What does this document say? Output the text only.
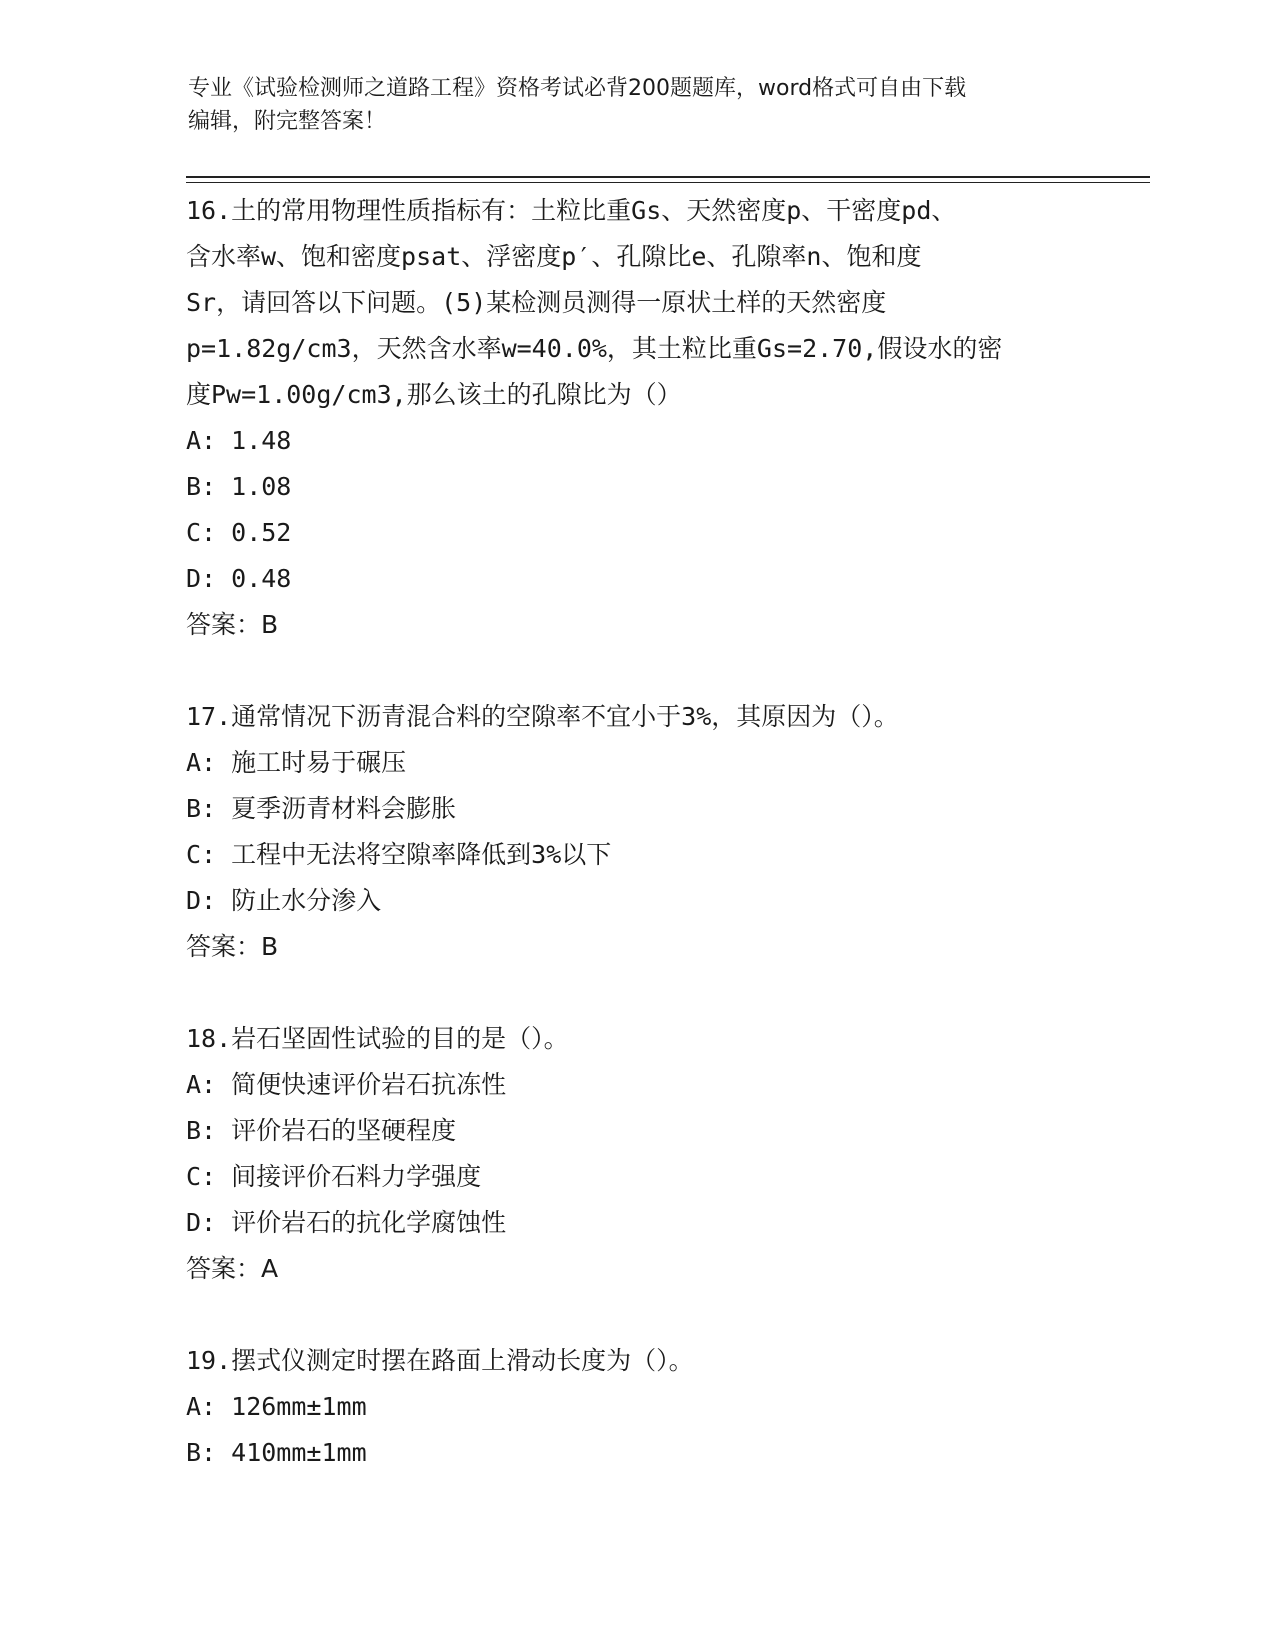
专业《试验检测师之道路工程》资格考试必背200题题库，word格式可自由下载
编辑，附完整答案！
16.土的常用物理性质指标有：土粒比重Gs、天然密度p、干密度pd、
含水率w、饱和密度psat、浮密度p′、孔隙比e、孔隙率n、饱和度
Sr，请回答以下问题。(5)某检测员测得一原状土样的天然密度
p=1.82g/cm3，天然含水率w=40.0%，其土粒比重Gs=2.70,假设水的密
度Pw=1.00g/cm3,那么该土的孔隙比为（）
A: 1.48
B: 1.08
C: 0.52
D: 0.48
答案：B
17.通常情况下沥青混合料的空隙率不宜小于3%，其原因为（）。
A: 施工时易于碾压
B: 夏季沥青材料会膨胀
C: 工程中无法将空隙率降低到3%以下
D: 防止水分渗入
答案：B
18.岩石坚固性试验的目的是（）。
A: 简便快速评价岩石抗冻性
B: 评价岩石的坚硬程度
C: 间接评价石料力学强度
D: 评价岩石的抗化学腐蚀性
答案：A
19.摆式仪测定时摆在路面上滑动长度为（）。
A: 126mm±1mm
B: 410mm±1mm
